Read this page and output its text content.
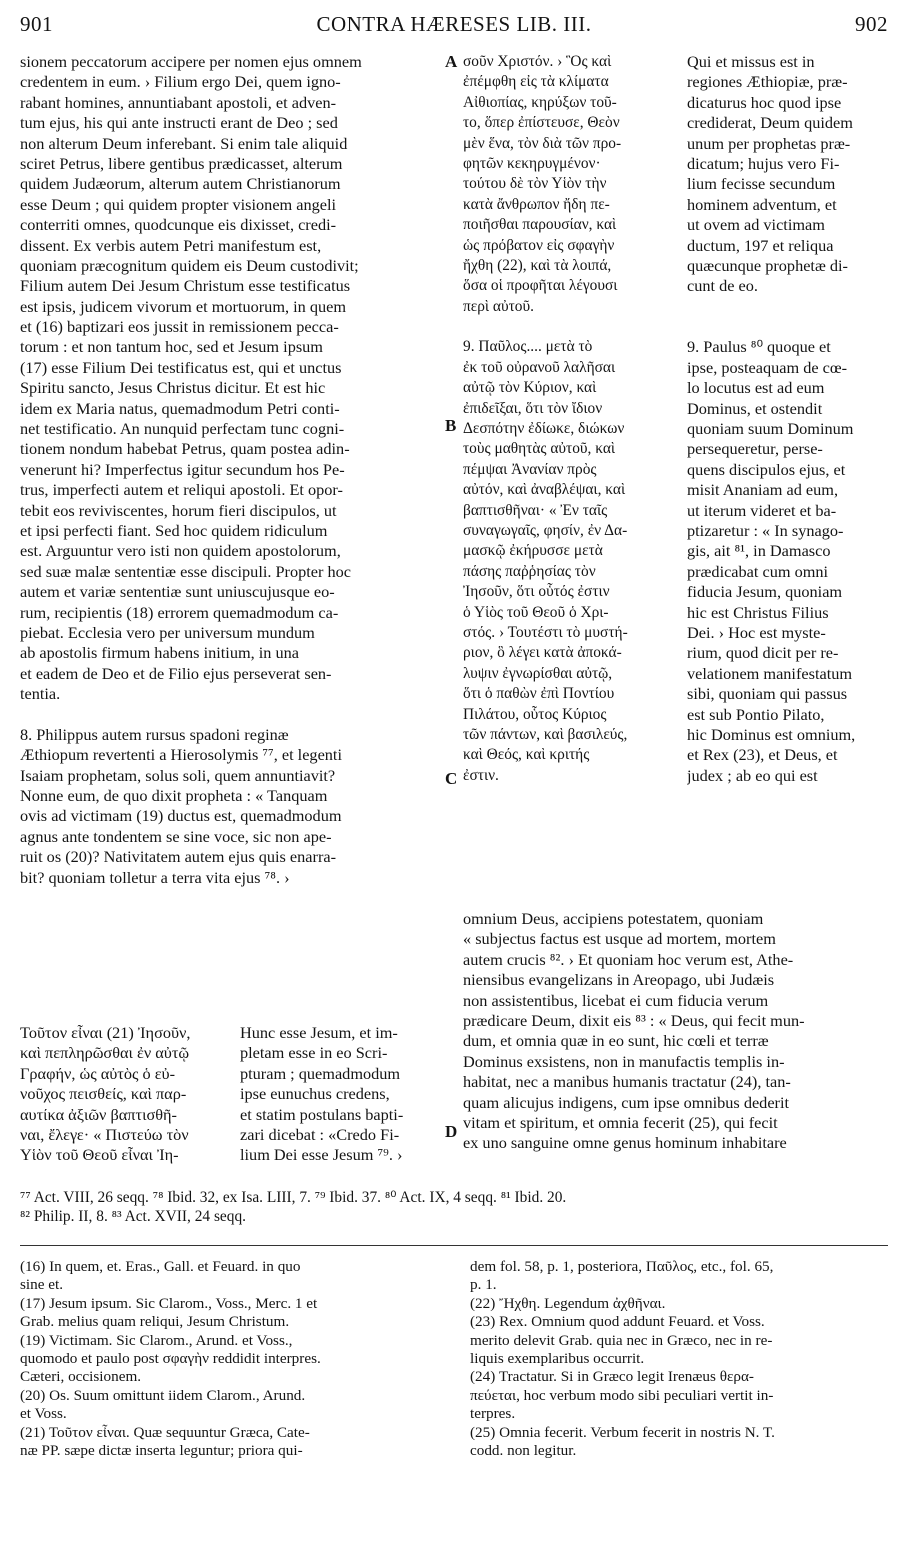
901	CONTRA HÆRESES LIB. III.	902
sionem peccatorum accipere per nomen ejus omnem
credentem in eum. › Filium ergo Dei, quem igno-
rabant homines, annuntiabant apostoli, et adven-
tum ejus, his qui ante instructi erant de Deo ; sed
non alterum Deum inferebant. Si enim tale aliquid
sciret Petrus, libere gentibus prædicasset, alterum
quidem Judæorum, alterum autem Christianorum
esse Deum ; qui quidem propter visionem angeli
conterriti omnes, quodcunque eis dixisset, credi-
dissent. Ex verbis autem Petri manifestum est,
quoniam præcognitum quidem eis Deum custodivit;
Filium autem Dei Jesum Christum esse testificatus
est ipsis, judicem vivorum et mortuorum, in quem
et (16) baptizari eos jussit in remissionem pecca-
torum : et non tantum hoc, sed et Jesum ipsum
(17) esse Filium Dei testificatus est, qui et unctus
Spiritu sancto, Jesus Christus dicitur. Et est hic
idem ex Maria natus, quemadmodum Petri conti-
net testificatio. An nunquid perfectam tunc cogni-
tionem nondum habebat Petrus, quam postea adin-
venerunt hi? Imperfectus igitur secundum hos Pe-
trus, imperfecti autem et reliqui apostoli. Et opor-
tebit eos reviviscentes, horum fieri discipulos, ut
et ipsi perfecti fiant. Sed hoc quidem ridiculum
est. Arguuntur vero isti non quidem apostolorum,
sed suæ malæ sententiæ esse discipuli. Propter hoc
autem et variæ sententiæ sunt uniuscujusque eo-
rum, recipientis (18) errorem quemadmodum ca-
piebat. Ecclesia vero per universum mundum
ab apostolis firmum habens initium, in una
et eadem de Deo et de Filio ejus perseverat sen-
tentia.
8. Philippus autem rursus spadoni reginæ
Æthiopum revertenti a Hierosolymis ⁷⁷, et legenti
Isaiam prophetam, solus soli, quem annuntiavit?
Nonne eum, de quo dixit propheta : « Tanquam
ovis ad victimam (19) ductus est, quemadmodum
agnus ante tondentem se sine voce, sic non ape-
ruit os (20)? Nativitatem autem ejus quis enarra-
bit? quoniam tolletur a terra vita ejus ⁷⁸. ›
Τοῦτον εἶναι (21) Ἰησοῦν,
καὶ πεπληρῶσθαι ἐν αὐτῷ
Γραφήν, ὡς αὐτὸς ὁ εὐ-
νοῦχος πεισθείς, καὶ παρ-
αυτίκα ἀξιῶν βαπτισθῆ-
ναι, ἔλεγε· « Πιστεύω τὸν
Υἱὸν τοῦ Θεοῦ εἶναι Ἰη-
Hunc esse Jesum, et im-
pletam esse in eo Scri-
pturam ; quemadmodum
ipse eunuchus credens,
et statim postulans bapti-
zari dicebat : «Credo Fi-
lium Dei esse Jesum ⁷⁹. ›
σοῦν Χριστόν. › Ὃς καὶ
ἐπέμφθη εἰς τὰ κλίματα
Αἰθιοπίας, κηρύξων τοῦ-
το, ὅπερ ἐπίστευσε, Θεὸν
μὲν ἕνα, τὸν διὰ τῶν προ-
φητῶν κεκηρυγμένον·
τούτου δὲ τὸν Υἱὸν τὴν
κατὰ ἄνθρωπον ἤδη πε-
ποιῆσθαι παρουσίαν, καὶ
ὡς πρόβατον εἰς σφαγὴν
ἤχθη (22), καὶ τὰ λοιπά,
ὅσα οἱ προφῆται λέγουσι
περὶ αὐτοῦ.
9. Παῦλος.... μετὰ τὸ
ἐκ τοῦ οὐρανοῦ λαλῆσαι
αὐτῷ τὸν Κύριον, καὶ
ἐπιδεῖξαι, ὅτι τὸν ἴδιον
Δεσπότην ἐδίωκε, διώκων
τοὺς μαθητὰς αὐτοῦ, καὶ
πέμψαι Ἀνανίαν πρὸς
αὐτόν, καὶ ἀναβλέψαι, καὶ
βαπτισθῆναι· « Ἐν ταῖς
συναγωγαῖς, φησίν, ἐν Δα-
μασκῷ ἐκήρυσσε μετὰ
πάσης παῤῥησίας τὸν
Ἰησοῦν, ὅτι οὗτός ἐστιν
ὁ Υἱὸς τοῦ Θεοῦ ὁ Χρι-
στός. › Τουτέστι τὸ μυστή-
ριον, ὃ λέγει κατὰ ἀποκά-
λυψιν ἐγνωρίσθαι αὐτῷ,
ὅτι ὁ παθὼν ἐπὶ Ποντίου
Πιλάτου, οὗτος Κύριος
τῶν πάντων, καὶ βασιλεύς,
καὶ Θεός, καὶ κριτής
ἐστιν.
Qui et missus est in
regiones Æthiopiæ, præ-
dicaturus hoc quod ipse
crediderat, Deum quidem
unum per prophetas præ-
dicatum; hujus vero Fi-
lium fecisse secundum
hominem adventum, et
ut ovem ad victimam
ductum, 197 et reliqua
quæcunque prophetæ di-
cunt de eo.
9. Paulus ⁸⁰ quoque et
ipse, posteaquam de cœ-
lo locutus est ad eum
Dominus, et ostendit
quoniam suum Dominum
persequeretur, perse-
quens discipulos ejus, et
misit Ananiam ad eum,
ut iterum videret et ba-
ptizaretur : « In synago-
gis, ait ⁸¹, in Damasco
prædicabat cum omni
fiducia Jesum, quoniam
hic est Christus Filius
Dei. › Hoc est myste-
rium, quod dicit per re-
velationem manifestatum
sibi, quoniam qui passus
est sub Pontio Pilato,
hic Dominus est omnium,
et Rex (23), et Deus, et
judex ; ab eo qui est
omnium Deus, accipiens potestatem, quoniam
« subjectus factus est usque ad mortem, mortem
autem crucis ⁸². › Et quoniam hoc verum est, Athe-
niensibus evangelizans in Areopago, ubi Judæis
non assistentibus, licebat ei cum fiducia verum
prædicare Deum, dixit eis ⁸³ : « Deus, qui fecit mun-
dum, et omnia quæ in eo sunt, hic cœli et terræ
Dominus exsistens, non in manufactis templis in-
habitat, nec a manibus humanis tractatur (24), tan-
quam alicujus indigens, cum ipse omnibus dederit
vitam et spiritum, et omnia fecerit (25), qui fecit
ex uno sanguine omne genus hominum inhabitare
A
B
C
D
⁷⁷ Act. VIII, 26 seqq. ⁷⁸ Ibid. 32, ex Isa. LIII, 7. ⁷⁹ Ibid. 37. ⁸⁰ Act. IX, 4 seqq. ⁸¹ Ibid. 20.
⁸² Philip. II, 8. ⁸³ Act. XVII, 24 seqq.
(16) In quem, et. Eras., Gall. et Feuard. in quo
sine et.
(17) Jesum ipsum. Sic Clarom., Voss., Merc. 1 et
Grab. melius quam reliqui, Jesum Christum.
(19) Victimam. Sic Clarom., Arund. et Voss.,
quomodo et paulo post σφαγὴν reddidit interpres.
Cæteri, occisionem.
(20) Os. Suum omittunt iidem Clarom., Arund.
et Voss.
(21) Τοῦτον εἶναι. Quæ sequuntur Græca, Cate-
næ PP. sæpe dictæ inserta leguntur; priora qui-
dem fol. 58, p. 1, posteriora, Παῦλος, etc., fol. 65,
p. 1.
(22) Ἤχθη. Legendum ἀχθῆναι.
(23) Rex. Omnium quod addunt Feuard. et Voss.
merito delevit Grab. quia nec in Græco, nec in re-
liquis exemplaribus occurrit.
(24) Tractatur. Si in Græco legit Irenæus θερα-
πεύεται, hoc verbum modo sibi peculiari vertit in-
terpres.
(25) Omnia fecerit. Verbum fecerit in nostris N. T.
codd. non legitur.
